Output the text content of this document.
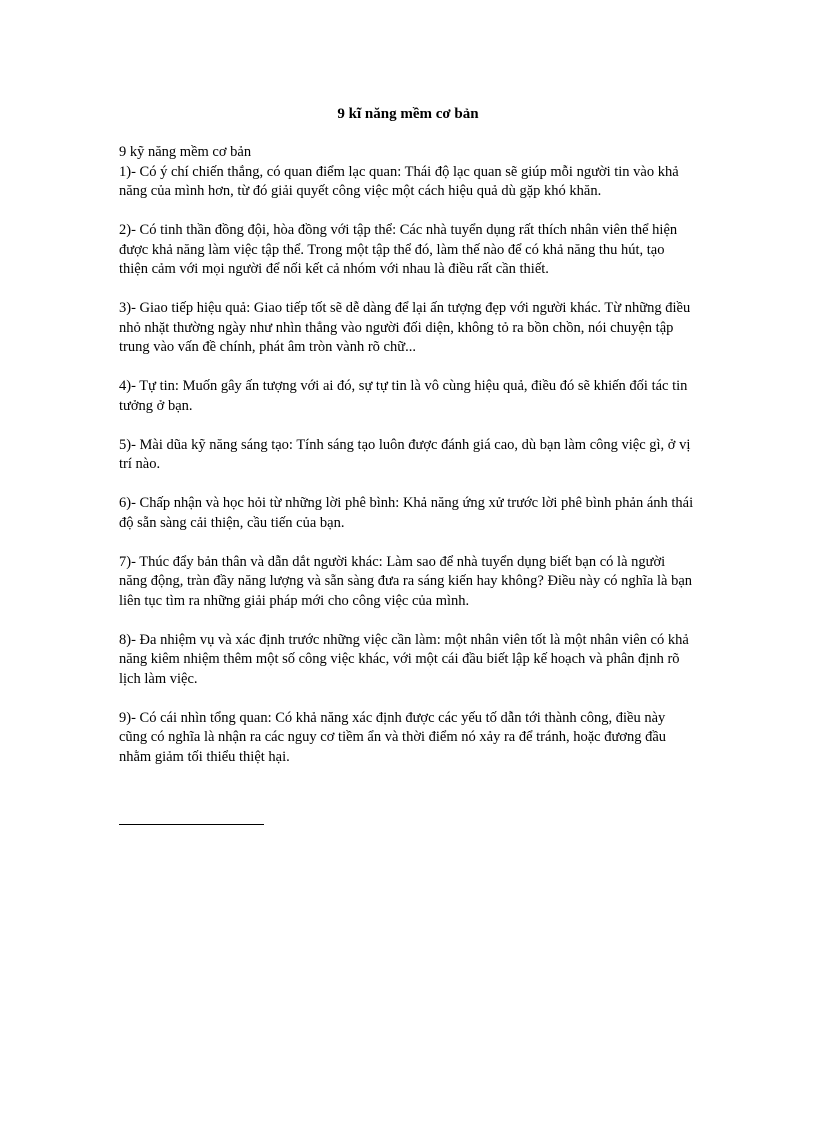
9 kĩ năng mềm cơ bản

9 kỹ năng mềm cơ bản

1)- Có ý chí chiến thắng, có quan điểm lạc quan: Thái độ lạc quan sẽ giúp mỗi người tin vào khả năng của mình hơn, từ đó giải quyết công việc một cách hiệu quả dù gặp khó khăn.

2)- Có tinh thần đồng đội, hòa đồng với tập thể: Các nhà tuyển dụng rất thích nhân viên thể hiện được khả năng làm việc tập thể. Trong một tập thể đó, làm thế nào để có khả năng thu hút, tạo thiện cảm với mọi người để nối kết cả nhóm với nhau là điều rất cần thiết.

3)- Giao tiếp hiệu quả: Giao tiếp tốt sẽ dễ dàng để lại ấn tượng đẹp với người khác. Từ những điều nhỏ nhặt thường ngày như nhìn thẳng vào người đối diện, không tỏ ra bồn chồn, nói chuyện tập trung vào vấn đề chính, phát âm tròn vành rõ chữ...

4)- Tự tin: Muốn gây ấn tượng với ai đó, sự tự tin là vô cùng hiệu quả, điều đó sẽ khiến đối tác tin tưởng ở bạn.

5)- Mài dũa kỹ năng sáng tạo: Tính sáng tạo luôn được đánh giá cao, dù bạn làm công việc gì, ở vị trí nào.

6)- Chấp nhận và học hỏi từ những lời phê bình: Khả năng ứng xử trước lời phê bình phản ánh thái độ sẵn sàng cải thiện, cầu tiến của bạn.

7)- Thúc đẩy bản thân và dẫn dắt người khác: Làm sao để nhà tuyển dụng biết bạn có là người năng động, tràn đầy năng lượng và sẵn sàng đưa ra sáng kiến hay không? Điều này có nghĩa là bạn liên tục tìm ra những giải pháp mới cho công việc của mình.

8)- Đa nhiệm vụ và xác định trước những việc cần làm: một nhân viên tốt là một nhân viên có khả năng kiêm nhiệm thêm một số công việc khác, với một cái đầu biết lập kế hoạch và phân định rõ lịch làm việc.

9)- Có cái nhìn tổng quan: Có khả năng xác định được các yếu tố dẫn tới thành công, điều này cũng có nghĩa là nhận ra các nguy cơ tiềm ẩn và thời điểm nó xảy ra để tránh, hoặc đương đầu nhằm giảm tối thiểu thiệt hại.
